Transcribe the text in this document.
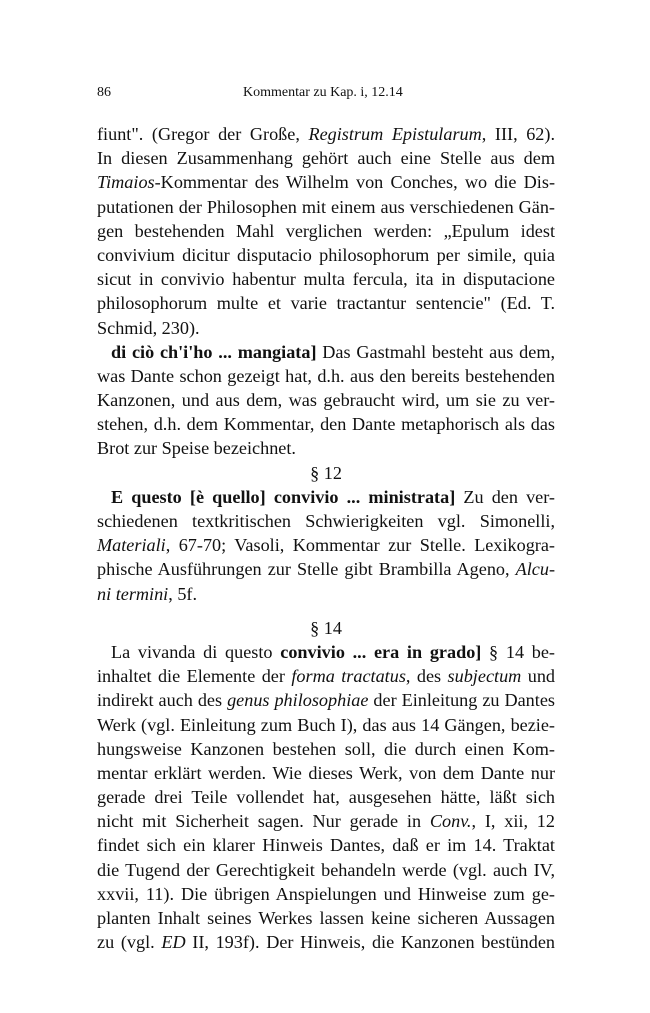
86	Kommentar zu Kap. i, 12.14
fiunt". (Gregor der Große, Registrum Epistularum, III, 62).
In diesen Zusammenhang gehört auch eine Stelle aus dem
Timaios-Kommentar des Wilhelm von Conches, wo die Dis-
putationen der Philosophen mit einem aus verschiedenen Gän-
gen bestehenden Mahl verglichen werden: „Epulum idest
convivium dicitur disputacio philosophorum per simile, quia
sicut in convivio habentur multa fercula, ita in disputacione
philosophorum multe et varie tractantur sentencie" (Ed. T.
Schmid, 230).
di ciò ch'i'ho ... mangiata] Das Gastmahl besteht aus dem,
was Dante schon gezeigt hat, d.h. aus den bereits bestehenden
Kanzonen, und aus dem, was gebraucht wird, um sie zu ver-
stehen, d.h. dem Kommentar, den Dante metaphorisch als das
Brot zur Speise bezeichnet.
§ 12
E questo [è quello] convivio ... ministrata] Zu den ver-
schiedenen textkritischen Schwierigkeiten vgl. Simonelli,
Materiali, 67-70; Vasoli, Kommentar zur Stelle. Lexikogra-
phische Ausführungen zur Stelle gibt Brambilla Ageno, Alcu-
ni termini, 5f.
§ 14
La vivanda di questo convivio ... era in grado] § 14 be-
inhaltet die Elemente der forma tractatus, des subjectum und
indirekt auch des genus philosophiae der Einleitung zu Dantes
Werk (vgl. Einleitung zum Buch I), das aus 14 Gängen, bezie-
hungsweise Kanzonen bestehen soll, die durch einen Kom-
mentar erklärt werden. Wie dieses Werk, von dem Dante nur
gerade drei Teile vollendet hat, ausgesehen hätte, läßt sich
nicht mit Sicherheit sagen. Nur gerade in Conv., I, xii, 12
findet sich ein klarer Hinweis Dantes, daß er im 14. Traktat
die Tugend der Gerechtigkeit behandeln werde (vgl. auch IV,
xxvii, 11). Die übrigen Anspielungen und Hinweise zum ge-
planten Inhalt seines Werkes lassen keine sicheren Aussagen
zu (vgl. ED II, 193f). Der Hinweis, die Kanzonen bestünden
